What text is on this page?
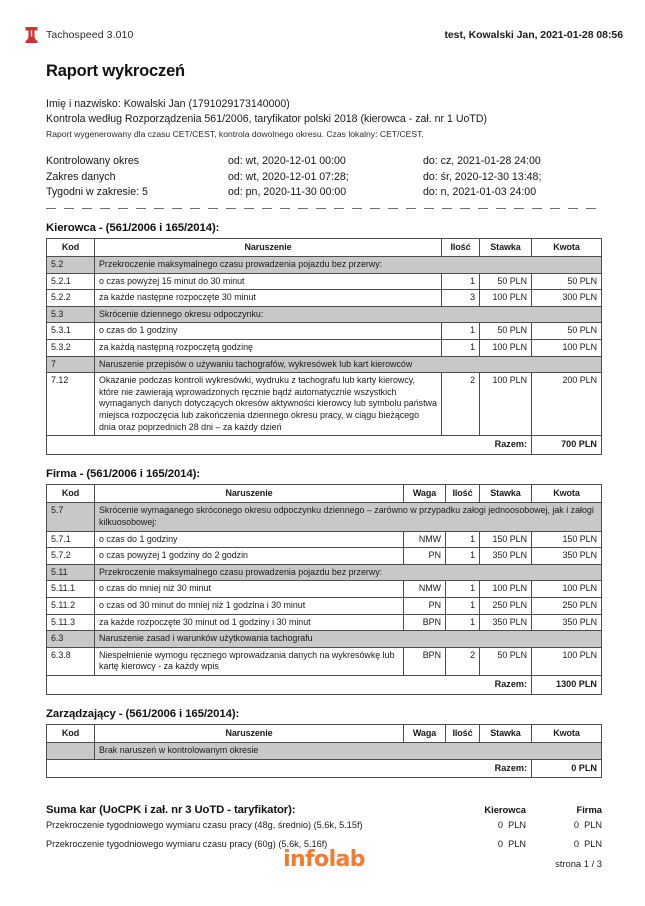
Tachospeed 3.010	test, Kowalski Jan, 2021-01-28 08:56
Raport wykroczeń
Imię i nazwisko: Kowalski Jan (1791029173140000)
Kontrola według Rozporządzenia 561/2006, taryfikator polski 2018 (kierowca - zał. nr 1 UoTD)
Raport wygenerowany dla czasu CET/CEST, kontrola dowolnego okresu. Czas lokalny: CET/CEST.
Kontrolowany okres	od: wt, 2020-12-01 00:00	do: cz, 2021-01-28 24:00
Zakres danych	od: wt, 2020-12-01 07:28;	do: śr, 2020-12-30 13:48;
Tygodni w zakresie: 5	od: pn, 2020-11-30 00:00	do: n, 2021-01-03 24:00
Kierowca - (561/2006 i 165/2014):
Kod	Naruszenie	Ilość	Stawka	Kwota
5.2	Przekroczenie maksymalnego czasu prowadzenia pojazdu bez przerwy:			
5.2.1	o czas powyżej 15 minut do 30 minut	1	50 PLN	50 PLN
5.2.2	za każde następne rozpoczęte 30 minut	3	100 PLN	300 PLN
5.3	Skrócenie dziennego okresu odpoczynku:			
5.3.1	o czas do 1 godziny	1	50 PLN	50 PLN
5.3.2	za każdą następną rozpoczętą godzinę	1	100 PLN	100 PLN
7	Naruszenie przepisów o używaniu tachografów, wykresówek lub kart kierowców			
7.12	Okazanie podczas kontroli wykresówki, wydruku z tachografu lub karty kierowcy, które nie zawierają wprowadzonych ręcznie bądź automatycznie wszystkich wymaganych danych dotyczących okresów aktywności kierowcy lub symbolu państwa miejsca rozpoczęcia lub zakończenia dziennego okresu pracy, w ciągu bieżącego dnia oraz poprzednich 28 dni – za każdy dzień	2	100 PLN	200 PLN
Razem:				700 PLN
Firma - (561/2006 i 165/2014):
Kod	Naruszenie	Waga	Ilość	Stawka	Kwota
5.7	Skrócenie wymaganego skróconego okresu odpoczynku dziennego – zarówno w przypadku załogi jednoosobowej, jak i załogi kilkuosobowej:				
5.7.1	o czas do 1 godziny	NMW	1	150 PLN	150 PLN
5.7.2	o czas powyżej 1 godziny do 2 godzin	PN	1	350 PLN	350 PLN
5.11	Przekroczenie maksymalnego czasu prowadzenia pojazdu bez przerwy:				
5.11.1	o czas do mniej niż 30 minut	NMW	1	100 PLN	100 PLN
5.11.2	o czas od 30 minut do mniej niż 1 godzina i 30 minut	PN	1	250 PLN	250 PLN
5.11.3	za każde rozpoczęte 30 minut od 1 godziny i 30 minut	BPN	1	350 PLN	350 PLN
6.3	Naruszenie zasad i warunków użytkowania tachografu				
6.3.8	Niespełnienie wymogu ręcznego wprowadzania danych na wykresówkę lub kartę kierowcy - za każdy wpis	BPN	2	50 PLN	100 PLN
Razem:					1300 PLN
Zarządzający - (561/2006 i 165/2014):
Kod	Naruszenie	Waga	Ilość	Stawka	Kwota
	Brak naruszeń w kontrolowanym okresie				
Razem:					0 PLN
Suma kar (UoCPK i zał. nr 3 UoTD - taryfikator):	Kierowca	Firma
Przekroczenie tygodniowego wymiaru czasu pracy (48g, średnio) (5.6k, 5.15f)	0  PLN	0  PLN
Przekroczenie tygodniowego wymiaru czasu pracy (60g) (5.6k, 5.16f)	0  PLN	0  PLN
infolab	strona 1 / 3
